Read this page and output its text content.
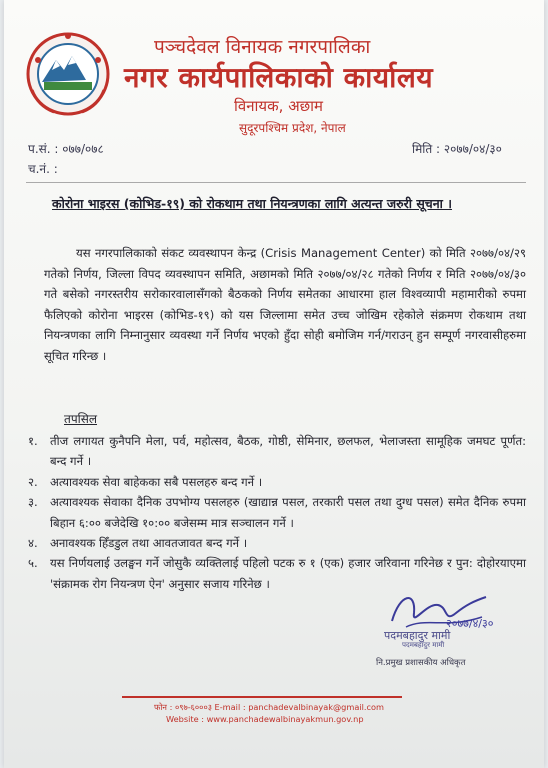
पञ्चदेवल विनायक नगरपालिका
नगर कार्यपालिकाको कार्यालय
विनायक, अछाम
सुदूरपश्चिम प्रदेश, नेपाल
प.सं. : ०७७/०७८
च.नं. :
मिति : २०७७/०४/३०
कोरोना भाइरस (कोभिड-१९) को रोकथाम तथा नियन्त्रणका लागि अत्यन्त जरुरी सूचना ।
यस नगरपालिकाको संकट व्यवस्थापन केन्द्र (Crisis Management Center) को मिति २०७७/०४/२९ गतेको निर्णय, जिल्ला विपद व्यवस्थापन समिति, अछामको मिति २०७७/०४/२८ गतेको निर्णय र मिति २०७७/०४/३० गते बसेको नगरस्तरीय सरोकारवालासँगको बैठकको निर्णय समेतका आधारमा हाल विश्वव्यापी महामारीको रुपमा फैलिएको कोरोना भाइरस (कोभिड-१९) को यस जिल्लामा समेत उच्च जोखिम रहेकोले संक्रमण रोकथाम तथा नियन्त्रणका लागि निम्नानुसार व्यवस्था गर्ने निर्णय भएको हुँदा सोही बमोजिम गर्न/गराउन् हुन सम्पूर्ण नगरवासीहरुमा सूचित गरिन्छ ।
तपसिल
१. तीज लगायत कुनैपनि मेला, पर्व, महोत्सव, बैठक, गोष्ठी, सेमिनार, छलफल, भेलाजस्ता सामूहिक जमघट पूर्णत: बन्द गर्ने ।
२. अत्यावश्यक सेवा बाहेकका सबै पसलहरु बन्द गर्ने ।
३. अत्यावश्यक सेवाका दैनिक उपभोग्य पसलहरु (खाद्यान्न पसल, तरकारी पसल तथा दुग्ध पसल) समेत दैनिक रुपमा बिहान ६:०० बजेदेखि १०:०० बजेसम्म मात्र सञ्चालन गर्ने ।
४. अनावश्यक हिँडडुल तथा आवतजावत बन्द गर्ने ।
५. यस निर्णयलाई उलङ्घन गर्ने जोसुकै व्यक्तिलाई पहिलो पटक रु १ (एक) हजार जरिवाना गरिनेछ र पुन: दोहोरयाएमा 'संक्रामक रोग नियन्त्रण ऐन' अनुसार सजाय गरिनेछ ।
२०७७/४/३०
पदमबहादुर मामी
पदमबहादुर मामी
नि.प्रमुख प्रशासकीय अधिकृत
फोन : ०९७-६०००३ E-mail : panchadevalbinayak@gmail.com
Website : www.panchadewalbinayakmun.gov.np
